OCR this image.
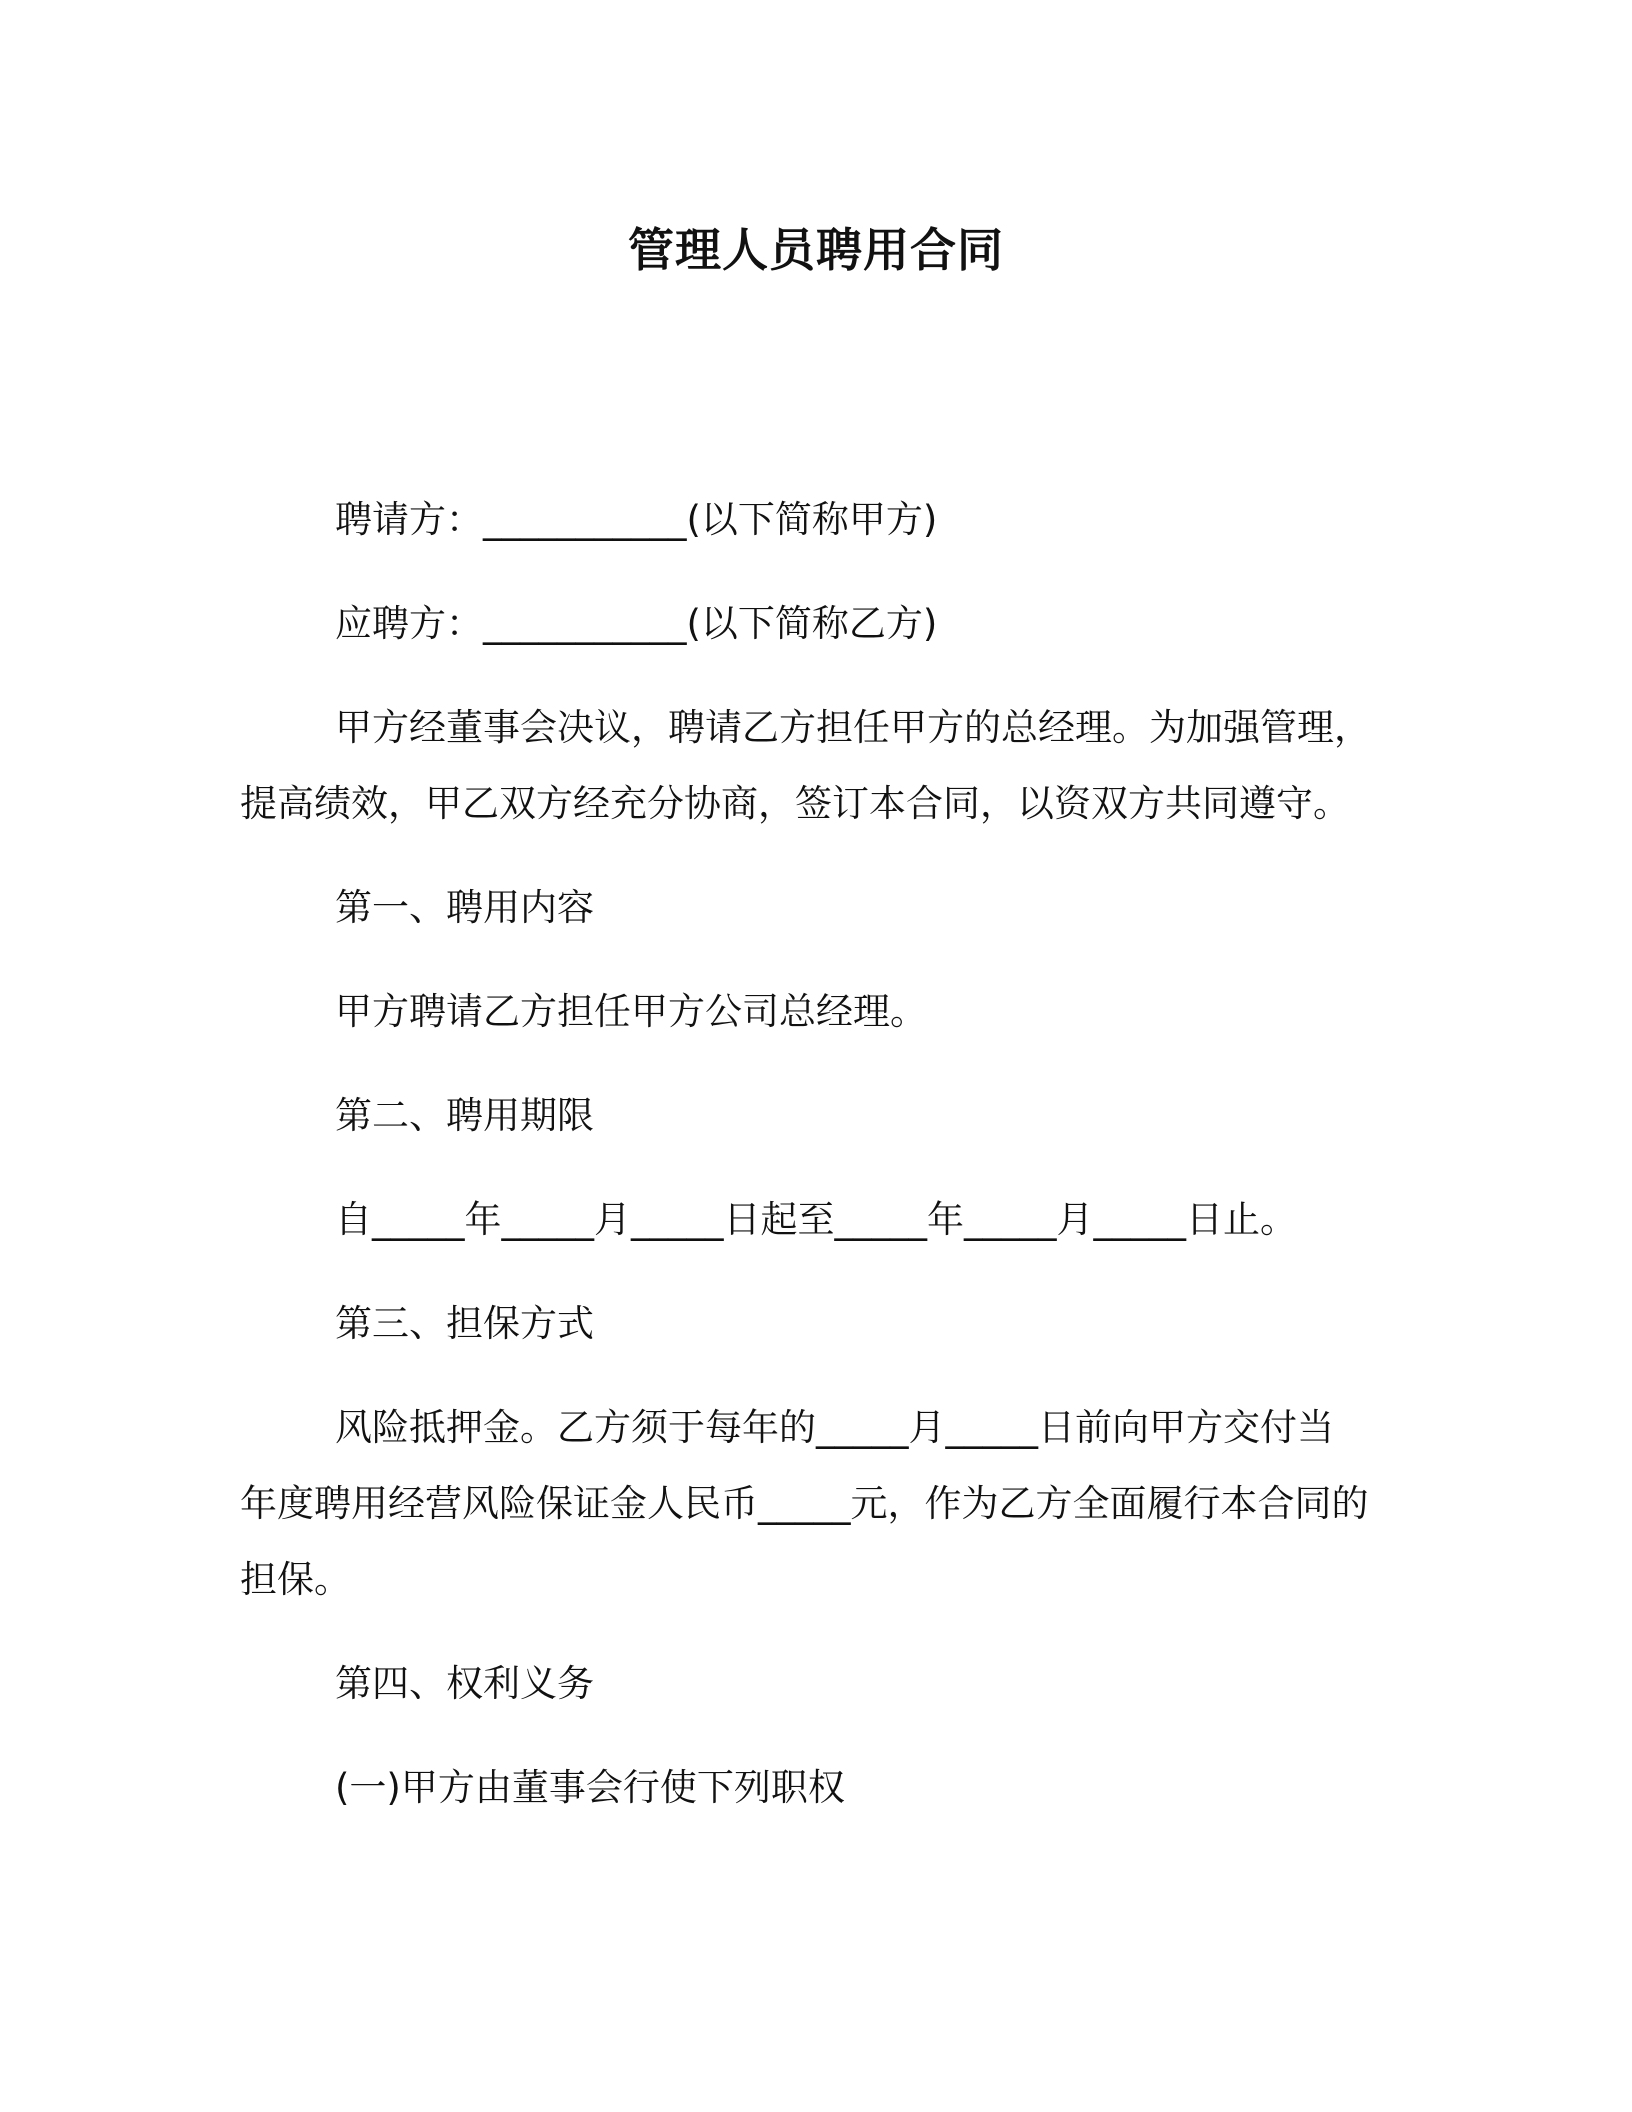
管理人员聘用合同

聘请方：___________(以下简称甲方)

应聘方：___________(以下简称乙方)

甲方经董事会决议，聘请乙方担任甲方的总经理。为加强管理，

提高绩效，甲乙双方经充分协商，签订本合同，以资双方共同遵守。

第一、聘用内容

甲方聘请乙方担任甲方公司总经理。

第二、聘用期限

自_____年_____月_____日起至_____年_____月_____日止。

第三、担保方式

风险抵押金。乙方须于每年的_____月_____日前向甲方交付当

年度聘用经营风险保证金人民币_____元，作为乙方全面履行本合同的

担保。

第四、权利义务

(一)甲方由董事会行使下列职权
